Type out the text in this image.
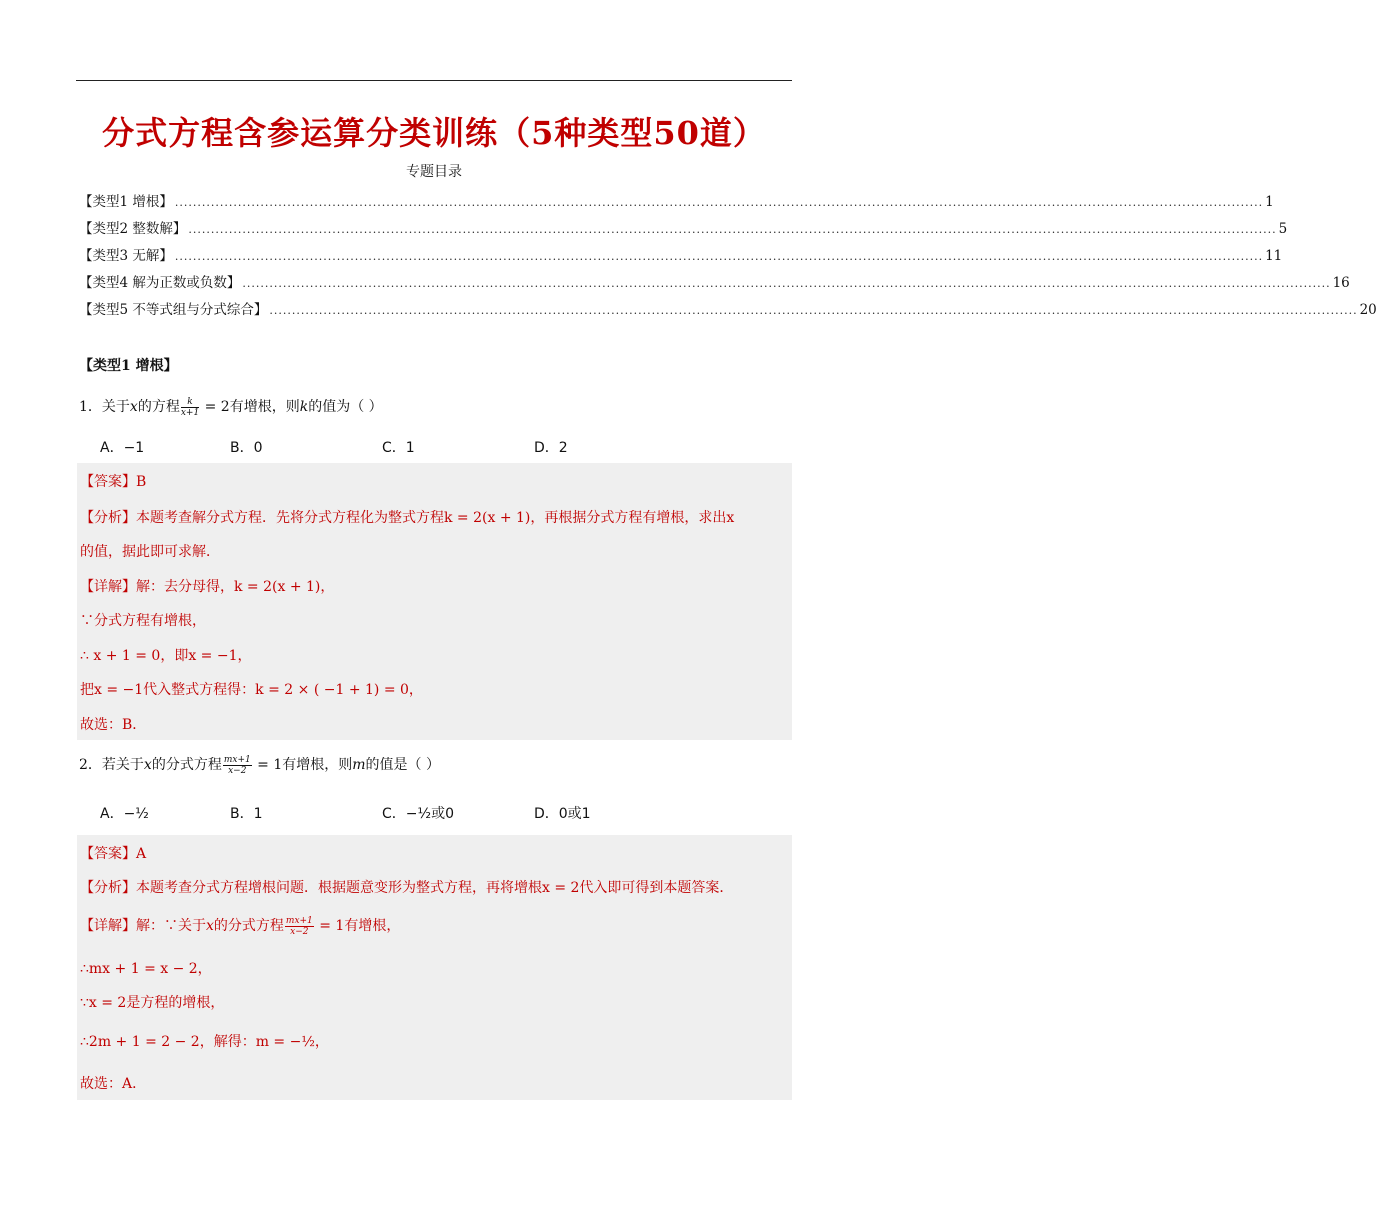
分式方程含参运算分类训练（5种类型50道）
专题目录
【类型1 增根】 .................................................................................................................................................................................................................................................. 1
【类型2 整数解】 .................................................................................................................................................................................................................................................. 5
【类型3 无解】 .................................................................................................................................................................................................................................................. 11
【类型4 解为正数或负数】 .................................................................................................................................................................................................................................................. 16
【类型5 不等式组与分式综合】 .................................................................................................................................................................................................................................................. 20
【类型1 增根】
1．关于x的方程 $\frac{k}{x+1} = 2$有增根，则k的值为（ ）
A．−1	B．0	C．1	D．2
【答案】B
【分析】本题考查解分式方程．先将分式方程化为整式方程k = 2(x + 1)，再根据分式方程有增根，求出x
的值，据此即可求解．
【详解】解：去分母得，k = 2(x + 1)，
∵分式方程有增根，
∴ x + 1 = 0，即x = −1，
把x = −1代入整式方程得：k = 2 × ( −1 + 1) = 0，
故选：B．
2．若关于x的分式方程 $\frac{mx+1}{x-2} = 1$有增根，则m的值是（ ）
A．−½	B．1	C．−½或0	D．0或1
【答案】A
【分析】本题考查分式方程增根问题．根据题意变形为整式方程，再将增根x = 2代入即可得到本题答案．
【详解】解：∵关于x的分式方程 $\frac{mx+1}{x-2} = 1$有增根，
∴mx + 1 = x − 2，
∵x = 2是方程的增根，
∴2m + 1 = 2 − 2，解得：m = −½，
故选：A．
